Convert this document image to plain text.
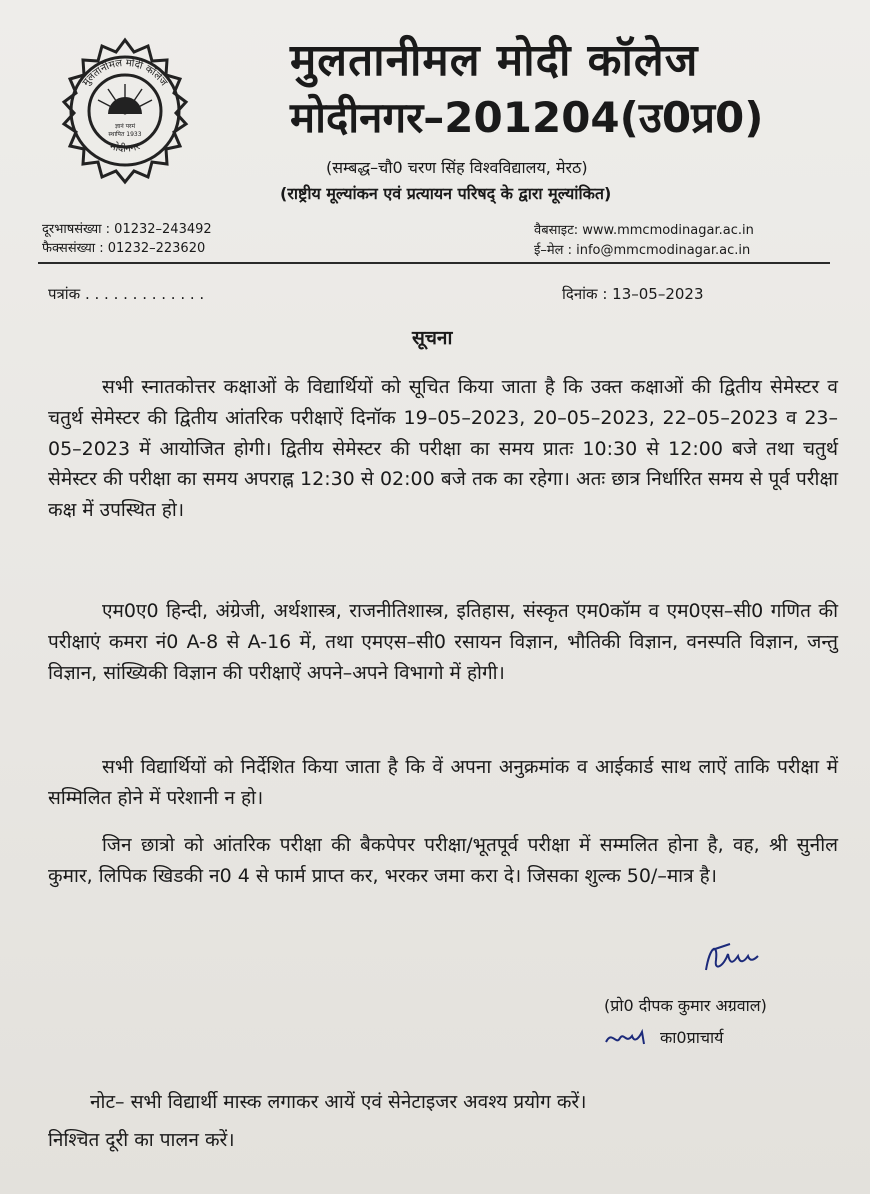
ज्ञानं परमं
स्थापित 1933
मुलतानीमल मोदी कॉलेज
मोदीनगर
मुलतानीमल मोदी कॉलेज
मोदीनगर–201204(उ0प्र0)
(सम्बद्ध–चौ0 चरण सिंह विश्वविद्यालय, मेरठ)
(राष्ट्रीय मूल्यांकन एवं प्रत्यायन परिषद् के द्वारा मूल्यांकित)
दूरभाषसंख्या : 01232–243492
फैक्ससंख्या : 01232–223620
वैबसाइट: www.mmcmodinagar.ac.in
ई–मेल : info@mmcmodinagar.ac.in
पत्रांक . . . . . . . . . . . . .	दिनांक : 13–05–2023
सूचना
सभी स्नातकोत्तर कक्षाओं के विद्यार्थियों को सूचित किया जाता है कि उक्त कक्षाओं की द्वितीय सेमेस्टर व चतुर्थ सेमेस्टर की द्वितीय आंतरिक परीक्षाऐं दिनॉक 19–05–2023, 20–05–2023, 22–05–2023 व 23–05–2023 में आयोजित होगी। द्वितीय सेमेस्टर की परीक्षा का समय प्रातः 10:30 से 12:00 बजे तथा चतुर्थ सेमेस्टर की परीक्षा का समय अपराह्न 12:30 से 02:00 बजे तक का रहेगा। अतः छात्र निर्धारित समय से पूर्व परीक्षा कक्ष में उपस्थित हो।
एम0ए0 हिन्दी, अंग्रेजी, अर्थशास्त्र, राजनीतिशास्त्र, इतिहास, संस्कृत एम0कॉम व एम0एस–सी0 गणित की परीक्षाएं कमरा नं0 A-8 से A-16 में, तथा एमएस–सी0 रसायन विज्ञान, भौतिकी विज्ञान, वनस्पति विज्ञान, जन्तु विज्ञान, सांख्यिकी विज्ञान की परीक्षाऐं अपने–अपने विभागो में होगी।
सभी विद्यार्थियों को निर्देशित किया जाता है कि वें अपना अनुक्रमांक व आईकार्ड साथ लाऐं ताकि परीक्षा में सम्मिलित होने में परेशानी न हो।
जिन छात्रो को आंतरिक परीक्षा की बैकपेपर परीक्षा/भूतपूर्व परीक्षा में सम्मलित होना है, वह, श्री सुनील कुमार, लिपिक खिडकी न0 4 से फार्म प्राप्त कर, भरकर जमा करा दे। जिसका शुल्क 50/–मात्र है।
(प्रो0 दीपक कुमार अग्रवाल)
का0प्राचार्य
नोट– सभी विद्यार्थी मास्क लगाकर आयें एवं सेनेटाइजर अवश्य प्रयोग करें।
निश्चित दूरी का पालन करें।
